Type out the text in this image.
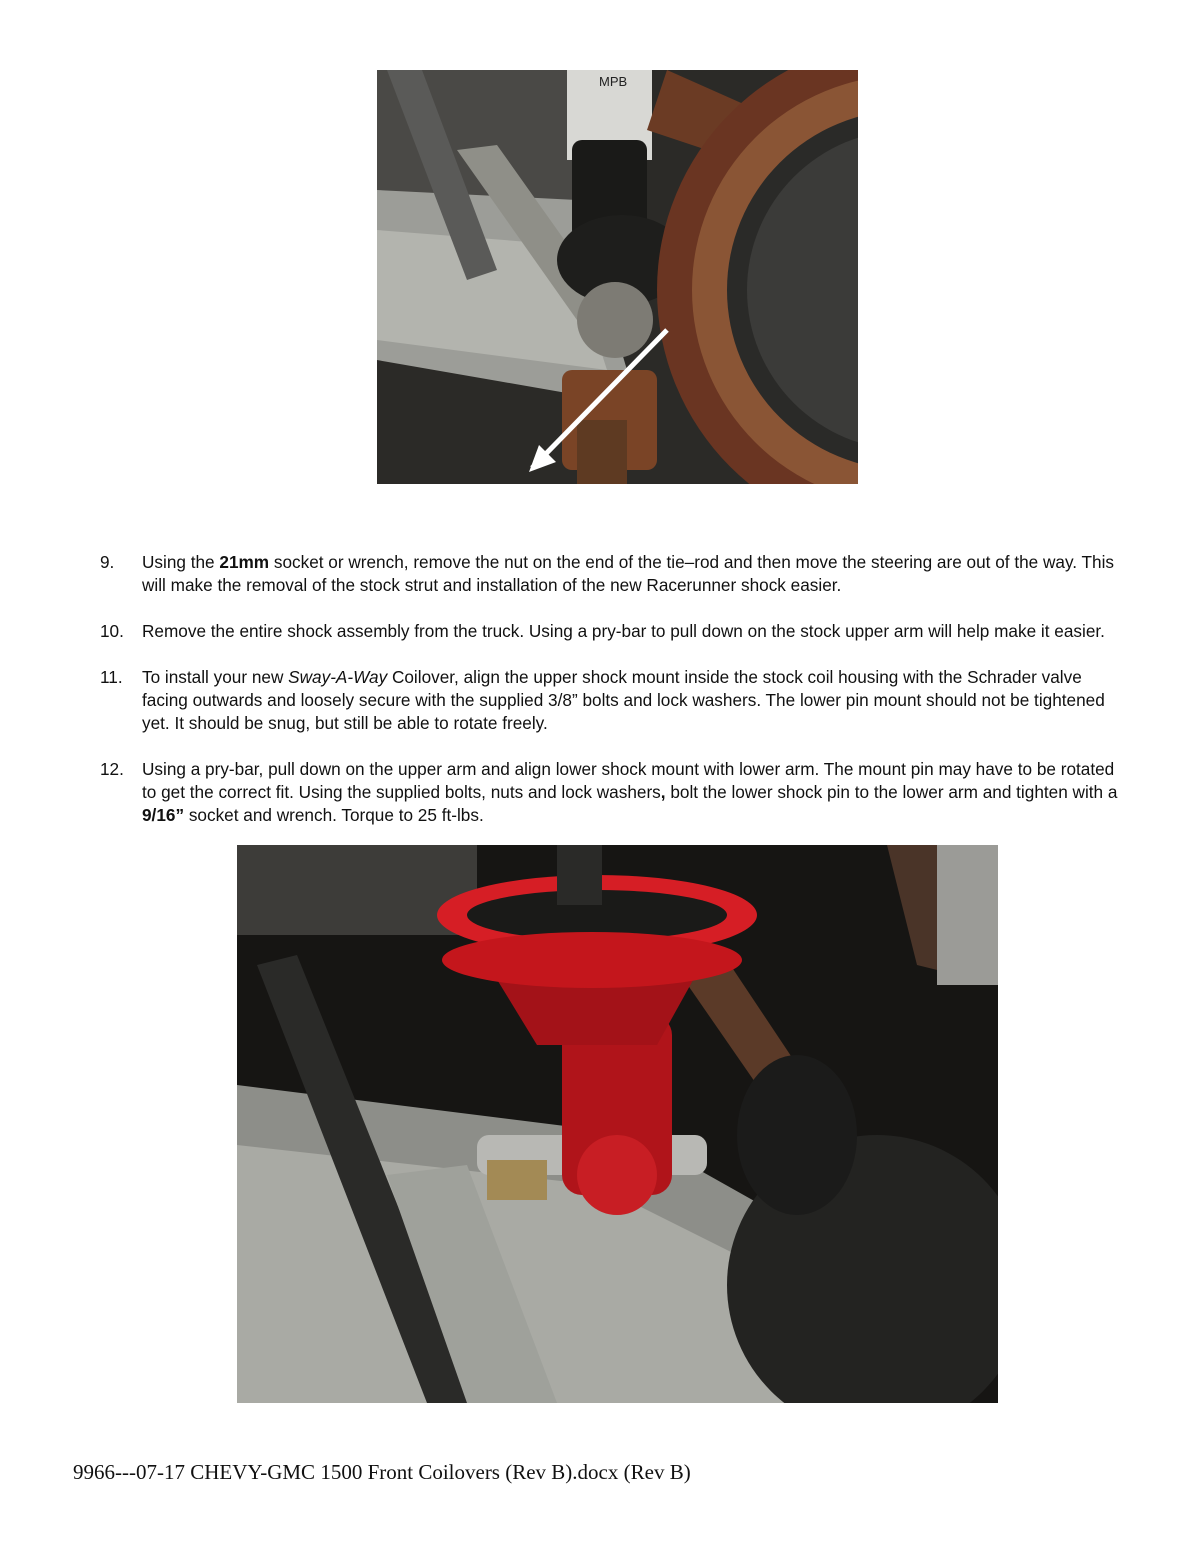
MPB
9.	Using the 21mm socket or wrench, remove the nut on the end of the tie–rod and then move the steering are out of the way. This will make the removal of the stock strut and installation of the new Racerunner shock easier.
10.	Remove the entire shock assembly from the truck. Using a pry-bar to pull down on the stock upper arm will help make it easier.
11.	To install your new Sway-A-Way Coilover, align the upper shock mount inside the stock coil housing with the Schrader valve facing outwards and loosely secure with the supplied 3/8” bolts and lock washers. The lower pin mount should not be tightened yet. It should be snug, but still be able to rotate freely.
12.	Using a pry-bar, pull down on the upper arm and align lower shock mount with lower arm. The mount pin may have to be rotated to get the correct fit. Using the supplied bolts, nuts and lock washers, bolt the lower shock pin to the lower arm and tighten with a 9/16” socket and wrench. Torque to 25 ft-lbs.
9966---07-17 CHEVY-GMC 1500 Front Coilovers (Rev B).docx (Rev B)
